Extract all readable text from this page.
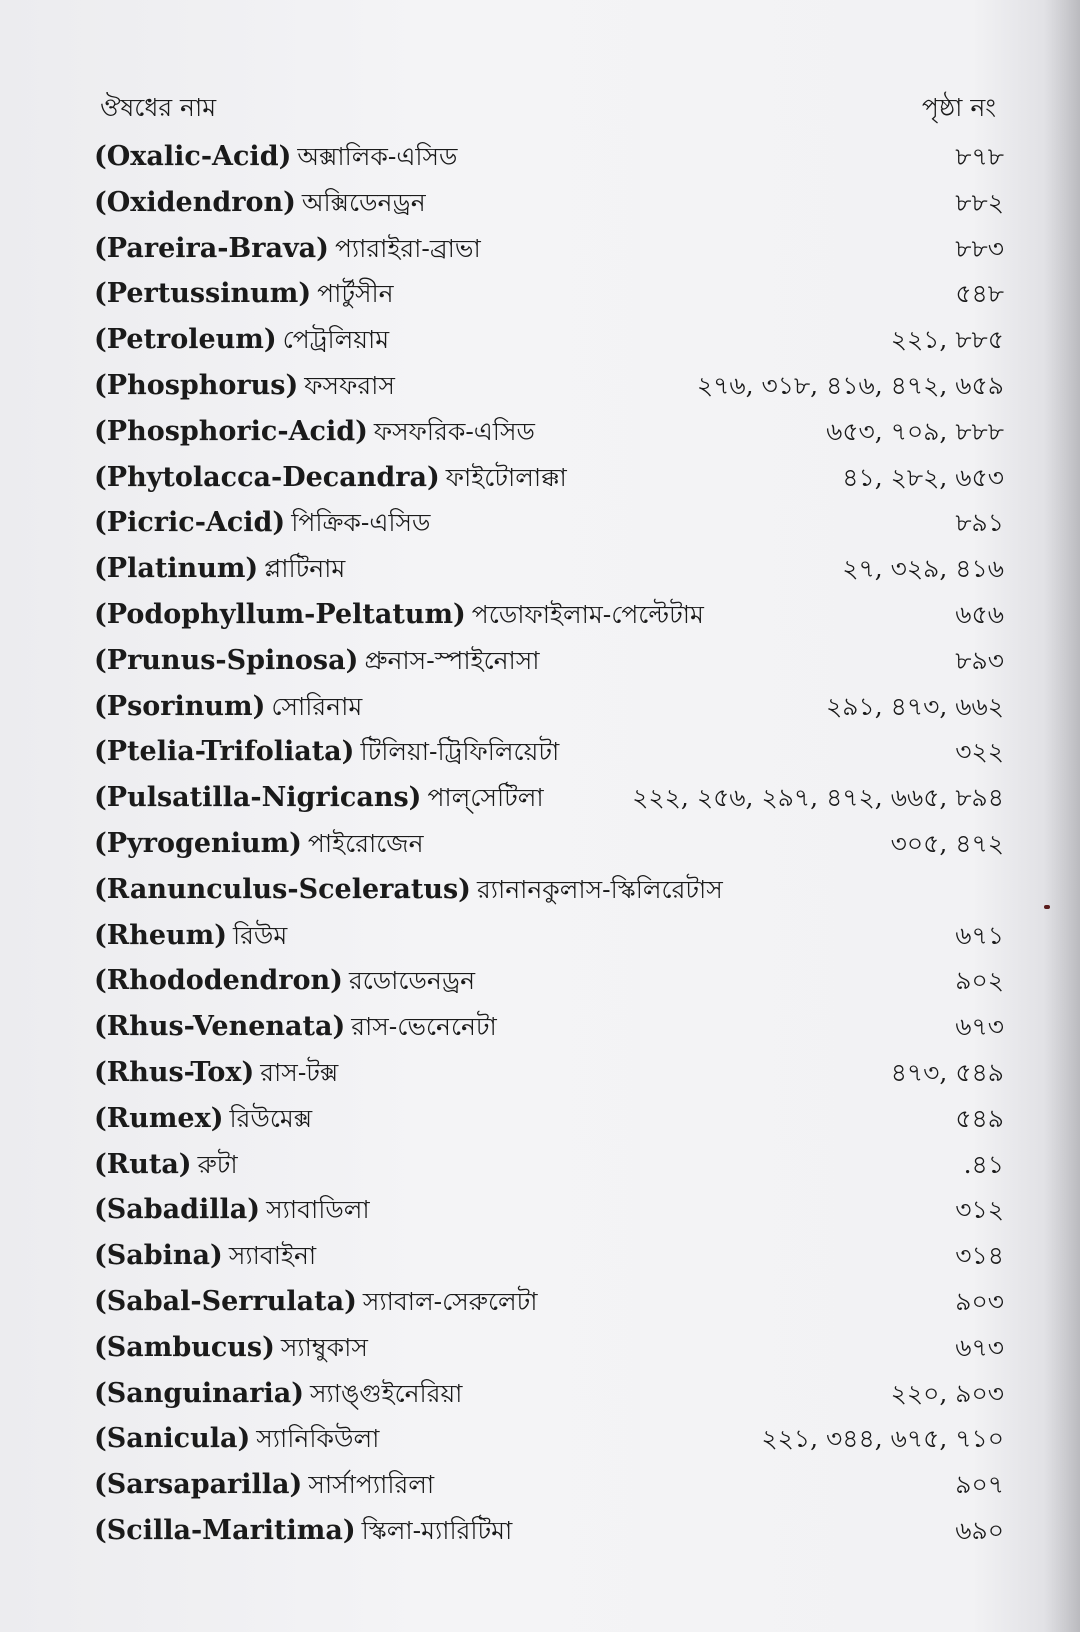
ঔষধের নাম	পৃষ্ঠা নং
(Oxalic-Acid) অক্সালিক-এসিড	৮৭৮
(Oxidendron) অক্সিডেনড্রন	৮৮২
(Pareira-Brava) প্যারাইরা-ব্রাভা	৮৮৩
(Pertussinum) পার্টুসীন	৫৪৮
(Petroleum) পেট্রলিয়াম	২২১, ৮৮৫
(Phosphorus) ফসফরাস	২৭৬, ৩১৮, ৪১৬, ৪৭২, ৬৫৯
(Phosphoric-Acid) ফসফরিক-এসিড	৬৫৩, ৭০৯, ৮৮৮
(Phytolacca-Decandra) ফাইটোলাক্কা	৪১, ২৮২, ৬৫৩
(Picric-Acid) পিক্রিক-এসিড	৮৯১
(Platinum) প্লাটিনাম	২৭, ৩২৯, ৪১৬
(Podophyllum-Peltatum) পডোফাইলাম-পেল্টেটাম	৬৫৬
(Prunus-Spinosa) প্রুনাস-স্পাইনোসা	৮৯৩
(Psorinum) সোরিনাম	২৯১, ৪৭৩, ৬৬২
(Ptelia-Trifoliata) টিলিয়া-ট্রিফিলিয়েটা	৩২২
(Pulsatilla-Nigricans) পাল্‌সেটিলা	২২২, ২৫৬, ২৯৭, ৪৭২, ৬৬৫, ৮৯৪
(Pyrogenium) পাইরোজেন	৩০৫, ৪৭২
(Ranunculus-Sceleratus) র‍্যানানকুলাস-স্কিলিরেটাস
(Rheum) রিউম	৬৭১
(Rhododendron) রডোডেনড্রন	৯০২
(Rhus-Venenata) রাস-ভেনেনেটা	৬৭৩
(Rhus-Tox) রাস-টক্স	৪৭৩, ৫৪৯
(Rumex) রিউমেক্স	৫৪৯
(Ruta) রুটা	.৪১
(Sabadilla) স্যাবাডিলা	৩১২
(Sabina) স্যাবাইনা	৩১৪
(Sabal-Serrulata) স্যাবাল-সেরুলেটা	৯০৩
(Sambucus) স্যাম্বুকাস	৬৭৩
(Sanguinaria) স্যাঙ্গুইনেরিয়া	২২০, ৯০৩
(Sanicula) স্যানিকিউলা	২২১, ৩৪৪, ৬৭৫, ৭১০
(Sarsaparilla) সার্সাপ্যারিলা	৯০৭
(Scilla-Maritima) স্কিলা-ম্যারিটিমা	৬৯০
